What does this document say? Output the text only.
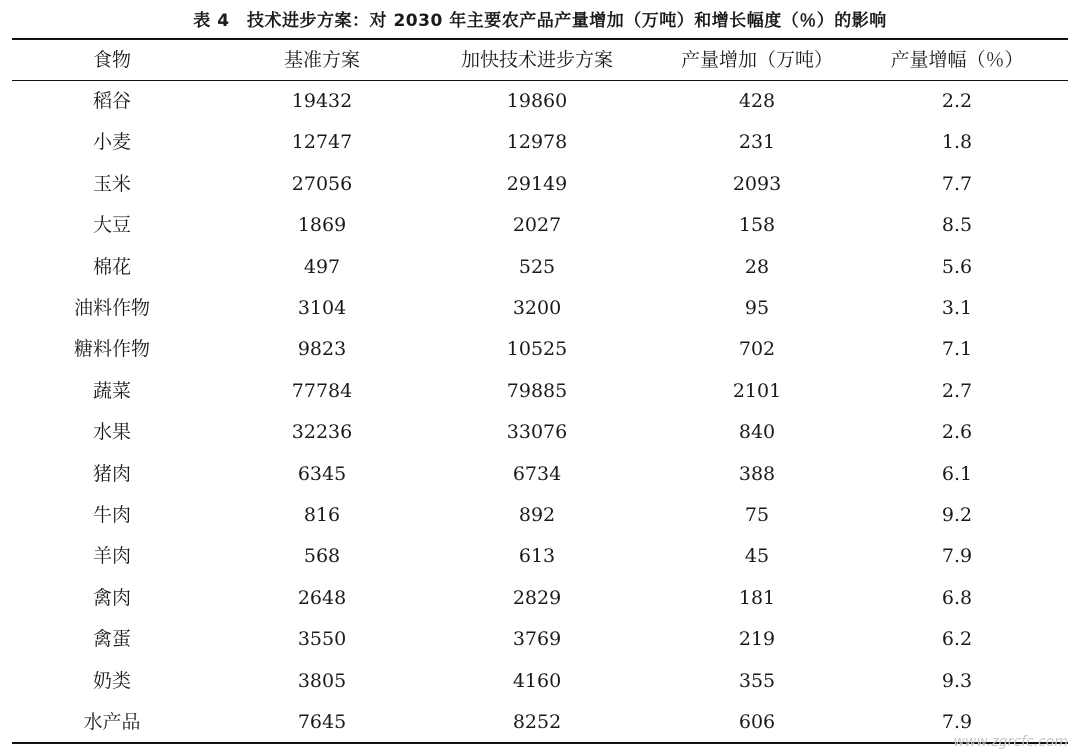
表 4　技术进步方案：对 2030 年主要农产品产量增加（万吨）和增长幅度（％）的影响
食物	基准方案	加快技术进步方案	产量增加（万吨）	产量增幅（％）
稻谷	19432	19860	428	2.2
小麦	12747	12978	231	1.8
玉米	27056	29149	2093	7.7
大豆	1869	2027	158	8.5
棉花	497	525	28	5.6
油料作物	3104	3200	95	3.1
糖料作物	9823	10525	702	7.1
蔬菜	77784	79885	2101	2.7
水果	32236	33076	840	2.6
猪肉	6345	6734	388	6.1
牛肉	816	892	75	9.2
羊肉	568	613	45	7.9
禽肉	2648	2829	181	6.8
禽蛋	3550	3769	219	6.2
奶类	3805	4160	355	9.3
水产品	7645	8252	606	7.9
www.zgrcfc.com
